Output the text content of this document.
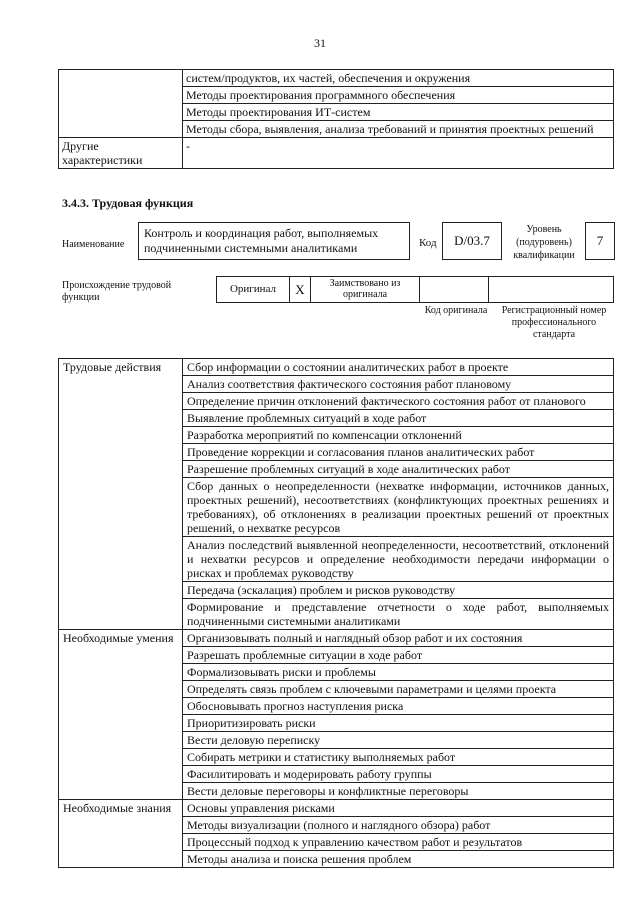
31
	систем/продуктов, их частей, обеспечения и окружения
	Методы проектирования программного обеспечения
	Методы проектирования ИТ-систем
	Методы сбора, выявления, анализа требований и принятия проектных решений
Другие характеристики	-
3.4.3. Трудовая функция
Наименование
Контроль и координация работ, выполняемых подчиненными системными аналитиками	Код	D/03.7
Уровень (подуровень) квалификации
7
Происхождение трудовой функции
Оригинал	X	Заимствовано из оригинала
Код оригинала	Регистрационный номер профессионального стандарта
Трудовые действия	Сбор информации о состоянии аналитических работ в проекте
	Анализ соответствия фактического состояния работ плановому
	Определение причин отклонений фактического состояния работ от планового
	Выявление проблемных ситуаций в ходе работ
	Разработка мероприятий по компенсации отклонений
	Проведение коррекции и согласования планов аналитических работ
	Разрешение проблемных ситуаций в ходе аналитических работ
	Сбор данных о неопределенности (нехватке информации, источников данных, проектных решений), несоответствиях (конфликтующих проектных решениях и требованиях), об отклонениях в реализации проектных решений от проектных решений, о нехватке ресурсов
	Анализ последствий выявленной неопределенности, несоответствий, отклонений и нехватки ресурсов и определение необходимости передачи информации о рисках и проблемах руководству
	Передача (эскалация) проблем и рисков руководству
	Формирование и представление отчетности о ходе работ, выполняемых подчиненными системными аналитиками
Необходимые умения	Организовывать полный и наглядный обзор работ и их состояния
	Разрешать проблемные ситуации в ходе работ
	Формализовывать риски и проблемы
	Определять связь проблем с ключевыми параметрами и целями проекта
	Обосновывать прогноз наступления риска
	Приоритизировать риски
	Вести деловую переписку
	Собирать метрики и статистику выполняемых работ
	Фасилитировать и модерировать работу группы
	Вести деловые переговоры и конфликтные переговоры
Необходимые знания	Основы управления рисками
	Методы визуализации (полного и наглядного обзора) работ
	Процессный подход к управлению качеством работ и результатов
	Методы анализа и поиска решения проблем
